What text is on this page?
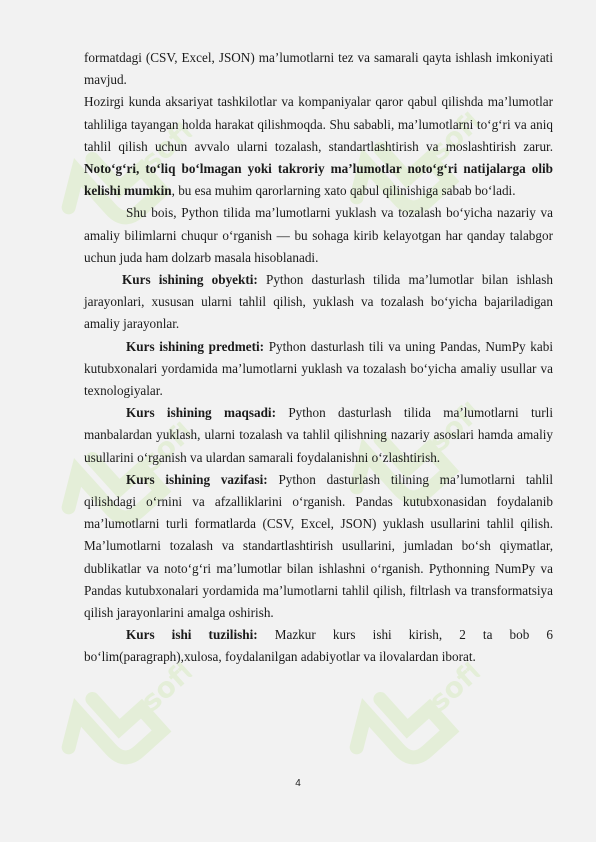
soft	soft
soft	soft
soft	soft

formatdagi (CSV, Excel, JSON) ma’lumotlarni tez va samarali qayta ishlash imkoniyati mavjud.

Hozirgi kunda aksariyat tashkilotlar va kompaniyalar qaror qabul qilishda ma’lumotlar tahliliga tayangan holda harakat qilishmoqda. Shu sababli, ma’lumotlarni to‘g‘ri va aniq tahlil qilish uchun avvalo ularni tozalash, standartlashtirish va moslashtirish zarur. Noto‘g‘ri, to‘liq bo‘lmagan yoki takroriy ma’lumotlar noto‘g‘ri natijalarga olib kelishi mumkin, bu esa muhim qarorlarning xato qabul qilinishiga sabab bo‘ladi.

Shu bois, Python tilida ma’lumotlarni yuklash va tozalash bo‘yicha nazariy va amaliy bilimlarni chuqur o‘rganish — bu sohaga kirib kelayotgan har qanday talabgor uchun juda ham dolzarb masala hisoblanadi.

Kurs ishining obyekti: Python dasturlash tilida ma’lumotlar bilan ishlash jarayonlari, xususan ularni tahlil qilish, yuklash va tozalash bo‘yicha bajariladigan amaliy jarayonlar.

Kurs ishining predmeti: Python dasturlash tili va uning Pandas, NumPy kabi kutubxonalari yordamida ma’lumotlarni yuklash va tozalash bo‘yicha amaliy usullar va texnologiyalar.

Kurs ishining maqsadi: Python dasturlash tilida ma’lumotlarni turli manbalardan yuklash, ularni tozalash va tahlil qilishning nazariy asoslari hamda amaliy usullarini o‘rganish va ulardan samarali foydalanishni o‘zlashtirish.

Kurs ishining vazifasi: Python dasturlash tilining ma’lumotlarni tahlil qilishdagi o‘rnini va afzalliklarini o‘rganish. Pandas kutubxonasidan foydalanib ma’lumotlarni turli formatlarda (CSV, Excel, JSON) yuklash usullarini tahlil qilish. Ma’lumotlarni tozalash va standartlashtirish usullarini, jumladan bo‘sh qiymatlar, dublikatlar va noto‘g‘ri ma’lumotlar bilan ishlashni o‘rganish. Pythonning NumPy va Pandas kutubxonalari yordamida ma’lumotlarni tahlil qilish, filtrlash va transformatsiya qilish jarayonlarini amalga oshirish.

Kurs ishi tuzilishi: Mazkur kurs ishi kirish, 2 ta bob 6 bo‘lim(paragraph),xulosa, foydalanilgan adabiyotlar va ilovalardan iborat.

4
